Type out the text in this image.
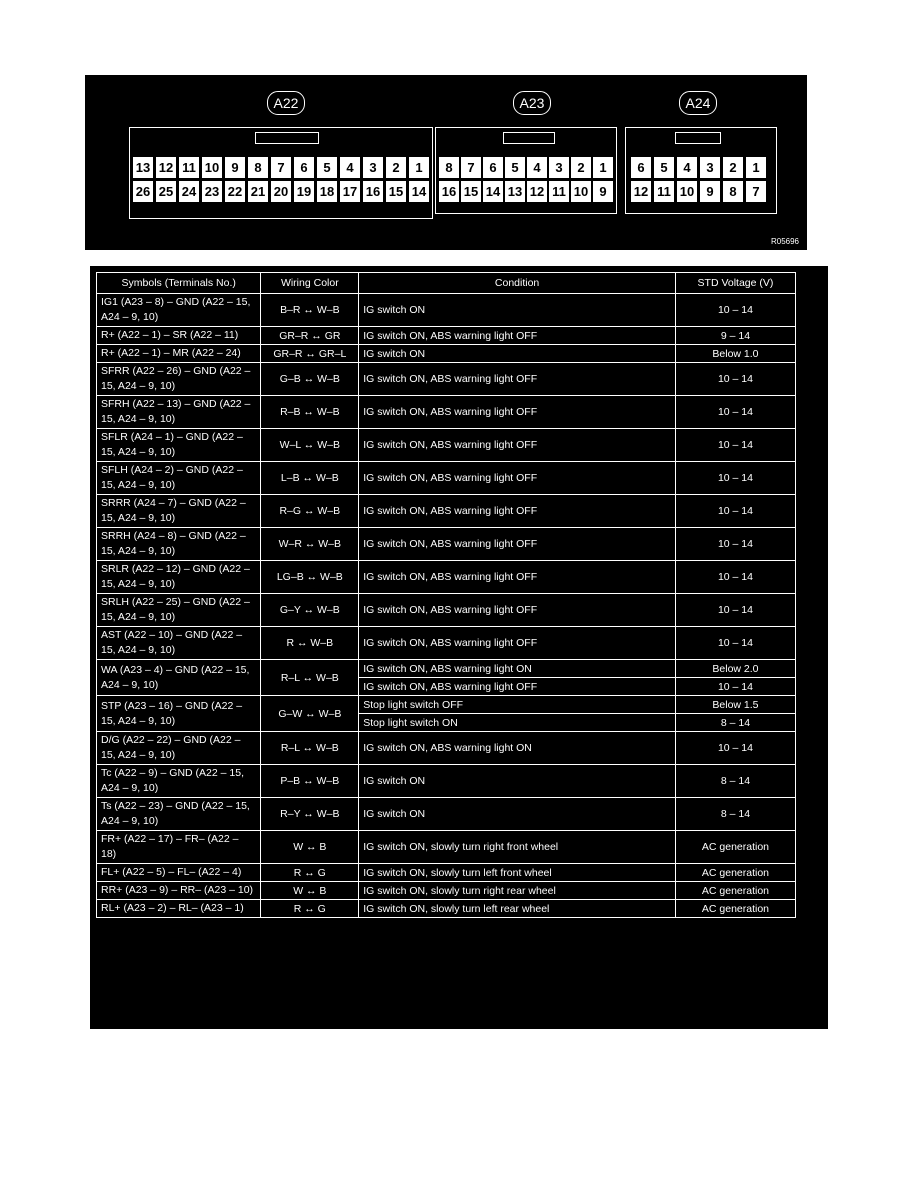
A22	A23	A24
13 12 11 10 9	8	7	6	5	4	3	2	1
26 25 24 23 22 21 20 19 18 17 16 15 14
8	7	6	5	4	3	2	1
16 15 14 13 12 11 10 9
6	5	4	3	2	1
12 11 10 9	8	7
R05696
Symbols (Terminals No.)	Wiring Color	Condition	STD Voltage (V)
IG1 (A23 – 8) – GND (A22 – 15, A24 – 9, 10)	B–R ↔ W–B	IG switch ON	10 – 14
R+ (A22 – 1) – SR (A22 – 11)	GR–R ↔ GR	IG switch ON, ABS warning light OFF	9 – 14
R+ (A22 – 1) – MR (A22 – 24)	GR–R ↔ GR–L	IG switch ON	Below 1.0
SFRR (A22 – 26) – GND (A22 – 15, A24 – 9, 10)	G–B ↔ W–B	IG switch ON, ABS warning light OFF	10 – 14
SFRH (A22 – 13) – GND (A22 – 15, A24 – 9, 10)	R–B ↔ W–B	IG switch ON, ABS warning light OFF	10 – 14
SFLR (A24 – 1) – GND (A22 – 15, A24 – 9, 10)	W–L ↔ W–B	IG switch ON, ABS warning light OFF	10 – 14
SFLH (A24 – 2) – GND (A22 – 15, A24 – 9, 10)	L–B ↔ W–B	IG switch ON, ABS warning light OFF	10 – 14
SRRR (A24 – 7) – GND (A22 – 15, A24 – 9, 10)	R–G ↔ W–B	IG switch ON, ABS warning light OFF	10 – 14
SRRH (A24 – 8) – GND (A22 – 15, A24 – 9, 10)	W–R ↔ W–B	IG switch ON, ABS warning light OFF	10 – 14
SRLR (A22 – 12) – GND (A22 – 15, A24 – 9, 10)	LG–B ↔ W–B	IG switch ON, ABS warning light OFF	10 – 14
SRLH (A22 – 25) – GND (A22 – 15, A24 – 9, 10)	G–Y ↔ W–B	IG switch ON, ABS warning light OFF	10 – 14
AST (A22 – 10) – GND (A22 – 15, A24 – 9, 10)	R ↔ W–B	IG switch ON, ABS warning light OFF	10 – 14
WA (A23 – 4) – GND (A22 – 15, A24 – 9, 10)	R–L ↔ W–B	IG switch ON, ABS warning light ON	Below 2.0
		IG switch ON, ABS warning light OFF	10 – 14
STP (A23 – 16) – GND (A22 – 15, A24 – 9, 10)	G–W ↔ W–B	Stop light switch OFF	Below 1.5
		Stop light switch ON	8 – 14
D/G (A22 – 22) – GND (A22 – 15, A24 – 9, 10)	R–L ↔ W–B	IG switch ON, ABS warning light ON	10 – 14
Tc (A22 – 9) – GND (A22 – 15, A24 – 9, 10)	P–B ↔ W–B	IG switch ON	8 – 14
Ts (A22 – 23) – GND (A22 – 15, A24 – 9, 10)	R–Y ↔ W–B	IG switch ON	8 – 14
FR+ (A22 – 17) – FR– (A22 – 18)	W ↔ B	IG switch ON, slowly turn right front wheel	AC generation
FL+ (A22 – 5) – FL– (A22 – 4)	R ↔ G	IG switch ON, slowly turn left front wheel	AC generation
RR+ (A23 – 9) – RR– (A23 – 10)	W ↔ B	IG switch ON, slowly turn right rear wheel	AC generation
RL+ (A23 – 2) – RL– (A23 – 1)	R ↔ G	IG switch ON, slowly turn left rear wheel	AC generation
